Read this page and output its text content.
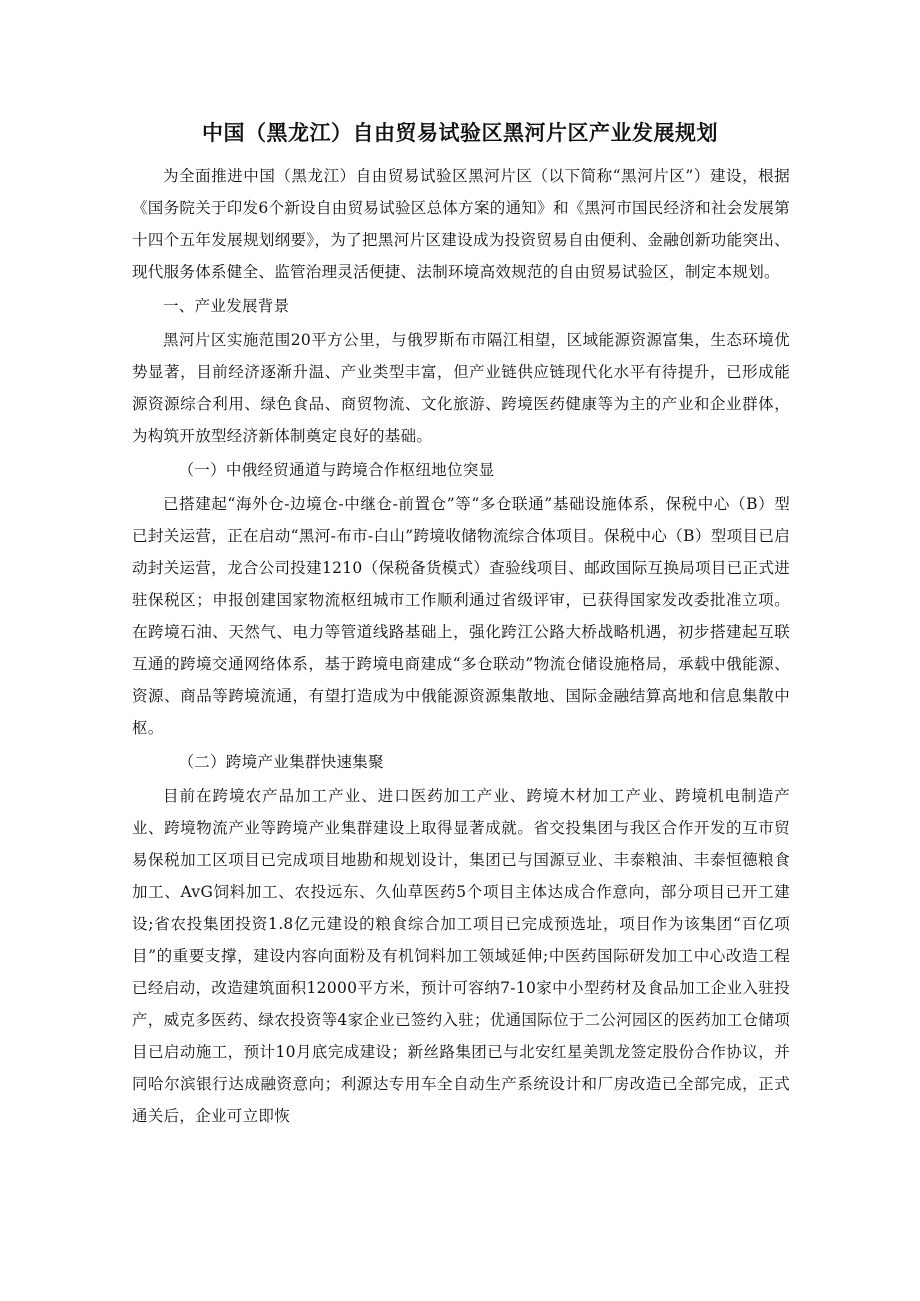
中国（黑龙江）自由贸易试验区黑河片区产业发展规划

为全面推进中国（黑龙江）自由贸易试验区黑河片区（以下简称“黑河片区”）建设，根据《国务院关于印发6个新设自由贸易试验区总体方案的通知》和《黑河市国民经济和社会发展第十四个五年发展规划纲要》，为了把黑河片区建设成为投资贸易自由便利、金融创新功能突出、现代服务体系健全、监管治理灵活便捷、法制环境高效规范的自由贸易试验区，制定本规划。

一、产业发展背景

黑河片区实施范围20平方公里，与俄罗斯布市隔江相望，区域能源资源富集，生态环境优势显著，目前经济逐渐升温、产业类型丰富，但产业链供应链现代化水平有待提升，已形成能源资源综合利用、绿色食品、商贸物流、文化旅游、跨境医药健康等为主的产业和企业群体，为构筑开放型经济新体制奠定良好的基础。

（一）中俄经贸通道与跨境合作枢纽地位突显

已搭建起“海外仓-边境仓-中继仓-前置仓”等“多仓联通”基础设施体系，保税中心（B）型已封关运营，正在启动“黑河-布市-白山”跨境收储物流综合体项目。保税中心（B）型项目已启动封关运营，龙合公司投建1210（保税备货模式）查验线项目、邮政国际互换局项目已正式进驻保税区；申报创建国家物流枢纽城市工作顺利通过省级评审，已获得国家发改委批准立项。在跨境石油、天然气、电力等管道线路基础上，强化跨江公路大桥战略机遇，初步搭建起互联互通的跨境交通网络体系，基于跨境电商建成“多仓联动”物流仓储设施格局，承载中俄能源、资源、商品等跨境流通，有望打造成为中俄能源资源集散地、国际金融结算高地和信息集散中枢。

（二）跨境产业集群快速集聚

目前在跨境农产品加工产业、进口医药加工产业、跨境木材加工产业、跨境机电制造产业、跨境物流产业等跨境产业集群建设上取得显著成就。省交投集团与我区合作开发的互市贸易保税加工区项目已完成项目地勘和规划设计，集团已与国源豆业、丰泰粮油、丰泰恒德粮食加工、AvG饲料加工、农投远东、久仙草医药5个项目主体达成合作意向，部分项目已开工建设;省农投集团投资1.8亿元建设的粮食综合加工项目已完成预选址，项目作为该集团“百亿项目”的重要支撑，建设内容向面粉及有机饲料加工领域延伸;中医药国际研发加工中心改造工程已经启动，改造建筑面积12000平方米，预计可容纳7-10家中小型药材及食品加工企业入驻投产，威克多医药、绿农投资等4家企业已签约入驻；优通国际位于二公河园区的医药加工仓储项目已启动施工，预计10月底完成建设；新丝路集团已与北安红星美凯龙签定股份合作协议，并同哈尔滨银行达成融资意向；利源达专用车全自动生产系统设计和厂房改造已全部完成，正式通关后，企业可立即恢
